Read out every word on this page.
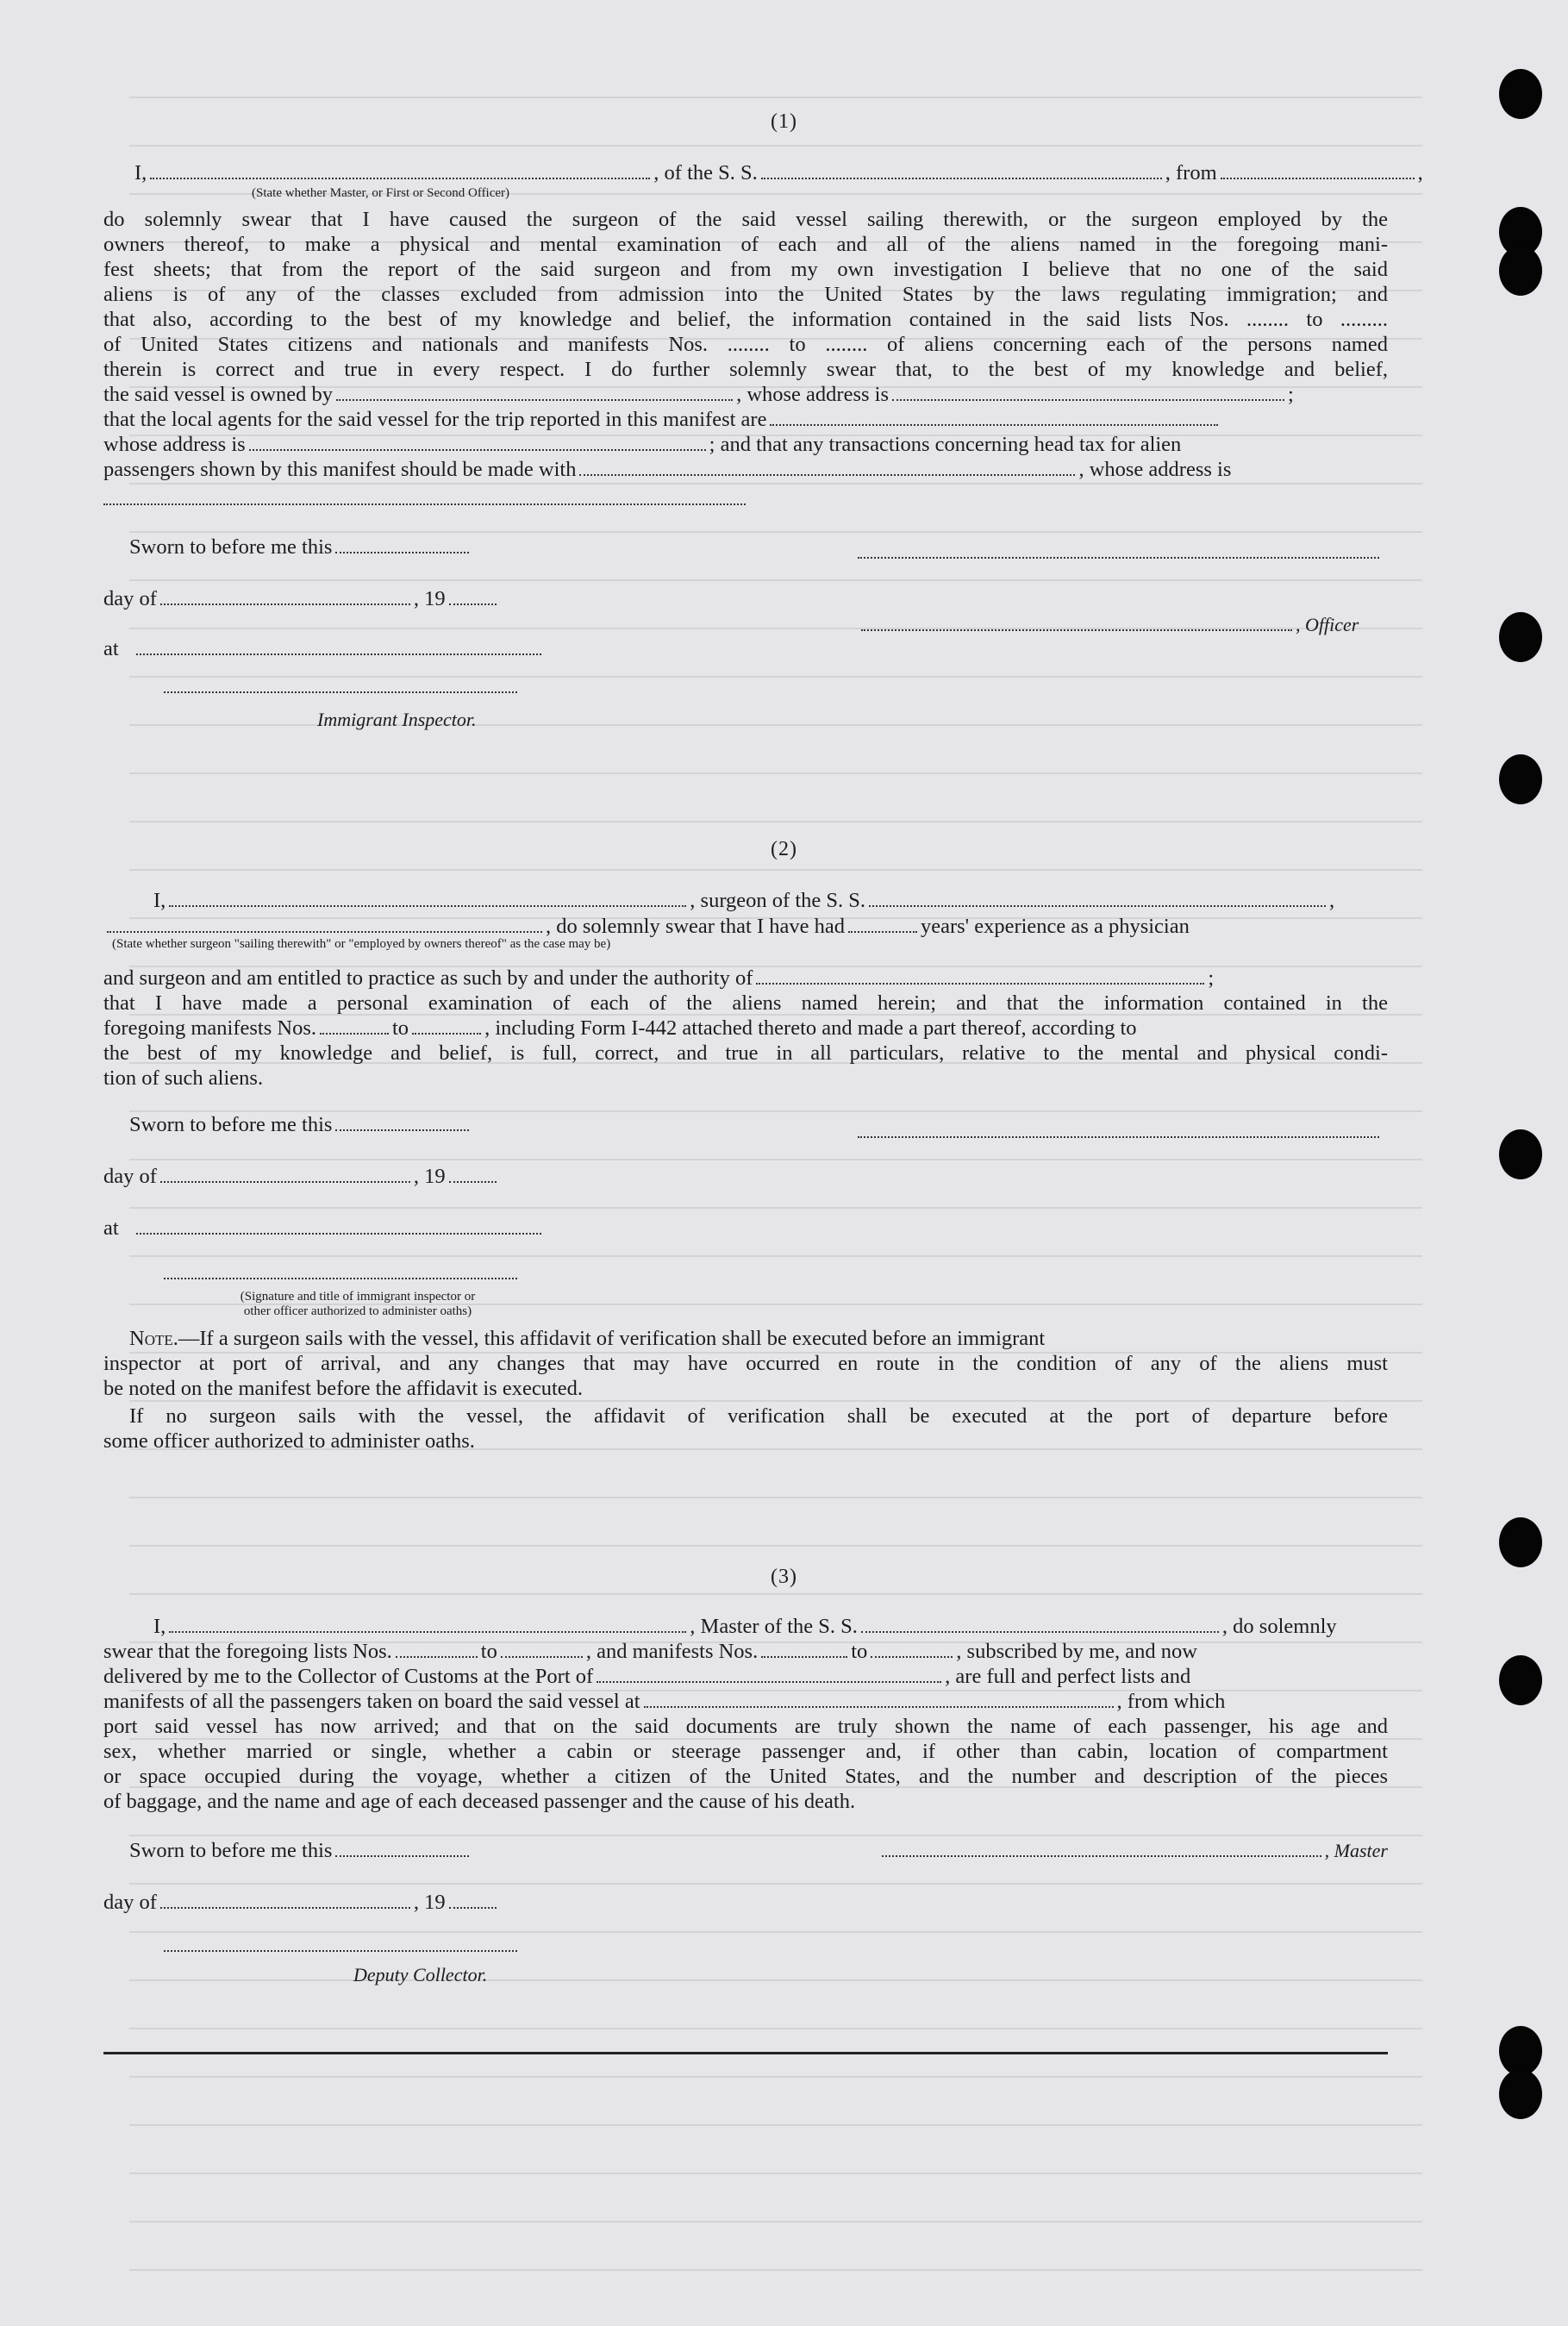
(1)
I,	, of the S. S.	, from	,
(State whether Master, or First or Second Officer)
do solemnly swear that I have caused the surgeon of the said vessel sailing therewith, or the surgeon employed by the
owners thereof, to make a physical and mental examination of each and all of the aliens named in the foregoing mani-
fest sheets; that from the report of the said surgeon and from my own investigation I believe that no one of the said
aliens is of any of the classes excluded from admission into the United States by the laws regulating immigration; and
that also, according to the best of my knowledge and belief, the information contained in the said lists Nos. ........ to .........
of United States citizens and nationals and manifests Nos. ........ to ........ of aliens concerning each of the persons named
therein is correct and true in every respect. I do further solemnly swear that, to the best of my knowledge and belief,
the said vessel is owned by	, whose address is	;
that the local agents for the said vessel for the trip reported in this manifest are
whose address is	; and that any transactions concerning head tax for alien
passengers shown by this manifest should be made with	, whose address is
Sworn to before me this
day of	, 19
, Officer
at
Immigrant Inspector.
(2)
I,	, surgeon of the S. S.	,
, do solemnly swear that I have had	years' experience as a physician
(State whether surgeon "sailing therewith" or "employed by owners thereof" as the case may be)
and surgeon and am entitled to practice as such by and under the authority of	;
that I have made a personal examination of each of the aliens named herein; and that the information contained in the
foregoing manifests Nos.	to	, including Form I-442 attached thereto and made a part thereof, according to
the best of my knowledge and belief, is full, correct, and true in all particulars, relative to the mental and physical condi-
tion of such aliens.
Sworn to before me this
day of	, 19
at
(Signature and title of immigrant inspector or
other officer authorized to administer oaths)
Note.—If a surgeon sails with the vessel, this affidavit of verification shall be executed before an immigrant
inspector at port of arrival, and any changes that may have occurred en route in the condition of any of the aliens must
be noted on the manifest before the affidavit is executed.
If no surgeon sails with the vessel, the affidavit of verification shall be executed at the port of departure before
some officer authorized to administer oaths.
(3)
I,	, Master of the S. S.	, do solemnly
swear that the foregoing lists Nos.	to	, and manifests Nos.	to	, subscribed by me, and now
delivered by me to the Collector of Customs at the Port of	, are full and perfect lists and
manifests of all the passengers taken on board the said vessel at	, from which
port said vessel has now arrived; and that on the said documents are truly shown the name of each passenger, his age and
sex, whether married or single, whether a cabin or steerage passenger and, if other than cabin, location of compartment
or space occupied during the voyage, whether a citizen of the United States, and the number and description of the pieces
of baggage, and the name and age of each deceased passenger and the cause of his death.
Sworn to before me this	, Master
day of	, 19
Deputy Collector.
